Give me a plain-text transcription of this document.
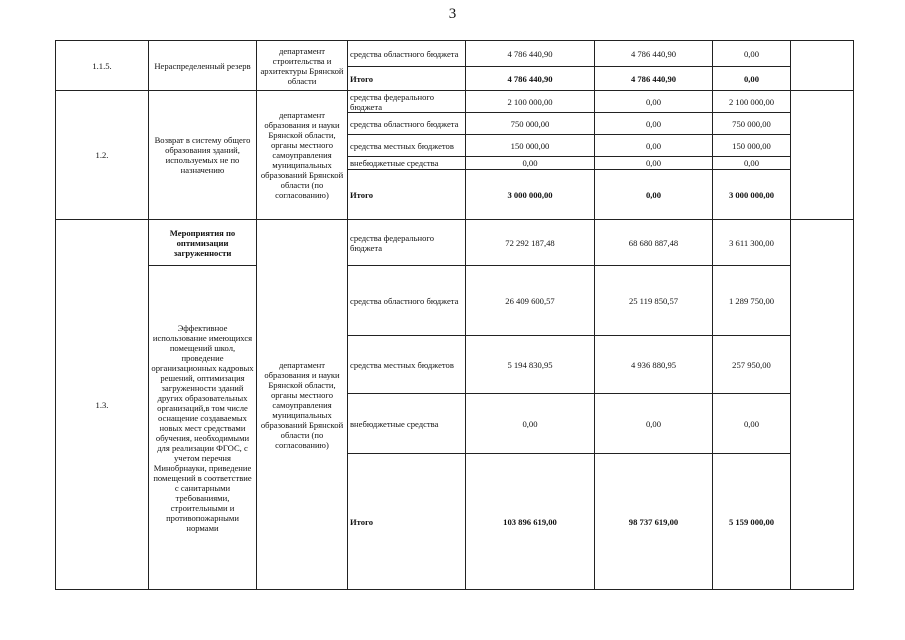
3
1.1.5.	Нераспределенный резерв	департамент строительства и архитектуры Брянской области	средства областного бюджета	4 786 440,90	4 786 440,90	0,00	
			Итого	4 786 440,90	4 786 440,90	0,00	
1.2.	Возврат в систему общего образования зданий, используемых не по назначению	департамент образования и науки Брянской области, органы местного самоуправления муниципальных образований Брянской области (по согласованию)	средства федерального бюджета	2 100 000,00	0,00	2 100 000,00	
			средства областного бюджета	750 000,00	0,00	750 000,00	
			средства местных бюджетов	150 000,00	0,00	150 000,00	
			внебюджетные средства	0,00	0,00	0,00	
			Итого	3 000 000,00	0,00	3 000 000,00	
1.3.	Мероприятия по оптимизации загруженности	департамент образования и науки Брянской области, органы местного самоуправления муниципальных образований Брянской области (по согласованию)	средства федерального бюджета	72 292 187,48	68 680 887,48	3 611 300,00	
	Эффективное использование имеющихся помещений школ, проведение организационных кадровых решений, оптимизация загруженности зданий других образовательных организаций,в том числе оснащение создаваемых новых мест средствами обучения, необходимыми для реализации ФГОС, с учетом перечня Минобрнауки, приведение помещений в соответствие с санитарными требованиями, строительными и противопожарными нормами		средства областного бюджета	26 409 600,57	25 119 850,57	1 289 750,00	
			средства местных бюджетов	5 194 830,95	4 936 880,95	257 950,00	
			внебюджетные средства	0,00	0,00	0,00	
			Итого	103 896 619,00	98 737 619,00	5 159 000,00	
